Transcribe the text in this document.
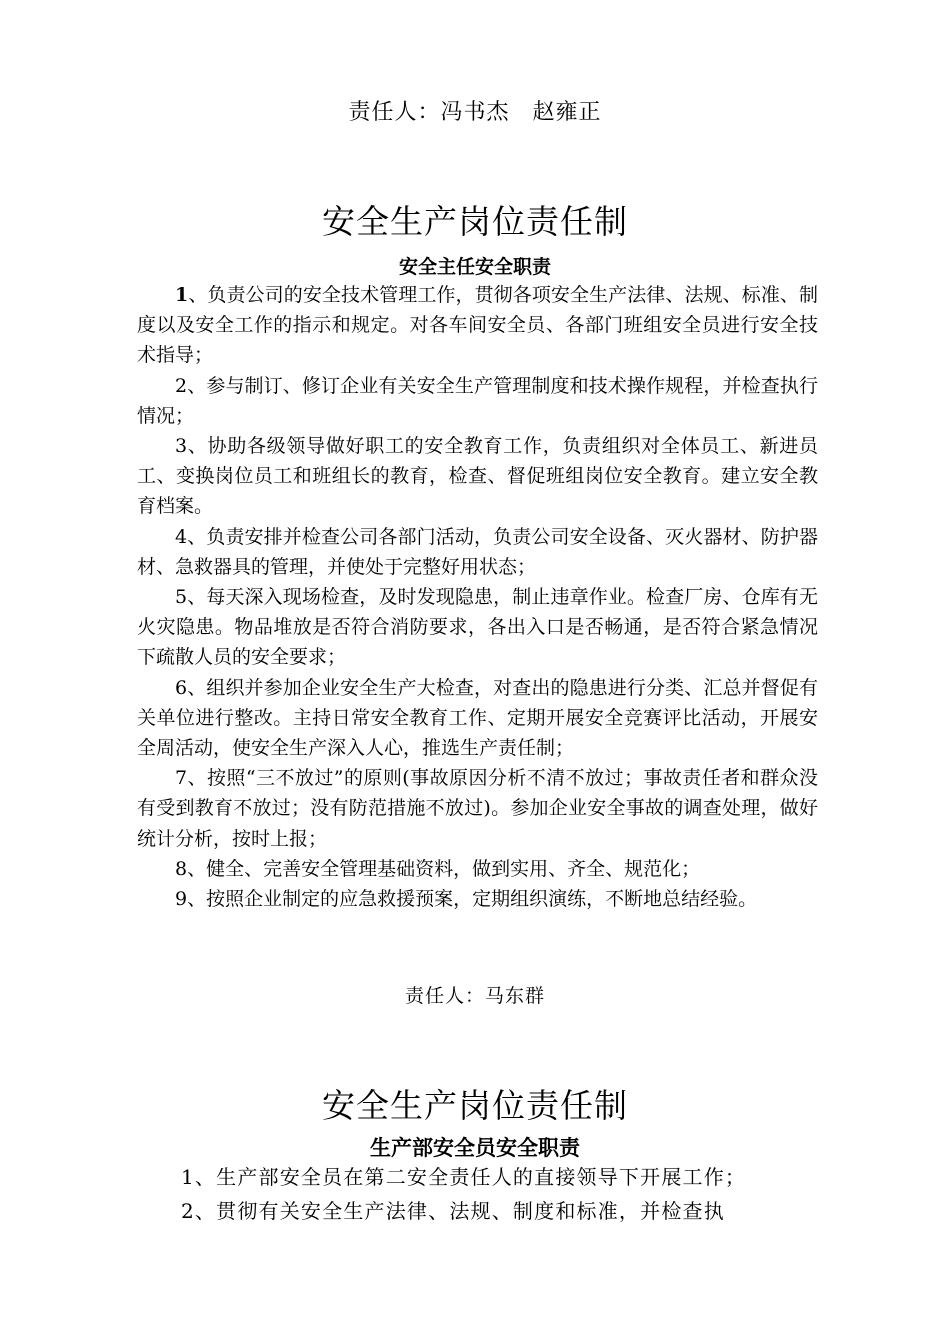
责任人：冯书杰　赵雍正
安全生产岗位责任制
安全主任安全职责

1、负责公司的安全技术管理工作，贯彻各项安全生产法律、法规、标准、制度以及安全工作的指示和规定。对各车间安全员、各部门班组安全员进行安全技术指导；

2、参与制订、修订企业有关安全生产管理制度和技术操作规程，并检查执行情况；

3、协助各级领导做好职工的安全教育工作，负责组织对全体员工、新进员工、变换岗位员工和班组长的教育，检查、督促班组岗位安全教育。建立安全教育档案。

4、负责安排并检查公司各部门活动，负责公司安全设备、灭火器材、防护器材、急救器具的管理，并使处于完整好用状态；

5、每天深入现场检查，及时发现隐患，制止违章作业。检查厂房、仓库有无火灾隐患。物品堆放是否符合消防要求，各出入口是否畅通，是否符合紧急情况下疏散人员的安全要求；

6、组织并参加企业安全生产大检查，对查出的隐患进行分类、汇总并督促有关单位进行整改。主持日常安全教育工作、定期开展安全竞赛评比活动，开展安全周活动，使安全生产深入人心，推选生产责任制；

7、按照“三不放过”的原则(事故原因分析不清不放过；事故责任者和群众没有受到教育不放过；没有防范措施不放过)。参加企业安全事故的调查处理，做好统计分析，按时上报；

8、健全、完善安全管理基础资料，做到实用、齐全、规范化；

9、按照企业制定的应急救援预案，定期组织演练，不断地总结经验。

责任人：马东群
安全生产岗位责任制
生产部安全员安全职责

1、生产部安全员在第二安全责任人的直接领导下开展工作；

2、贯彻有关安全生产法律、法规、制度和标准，并检查执
